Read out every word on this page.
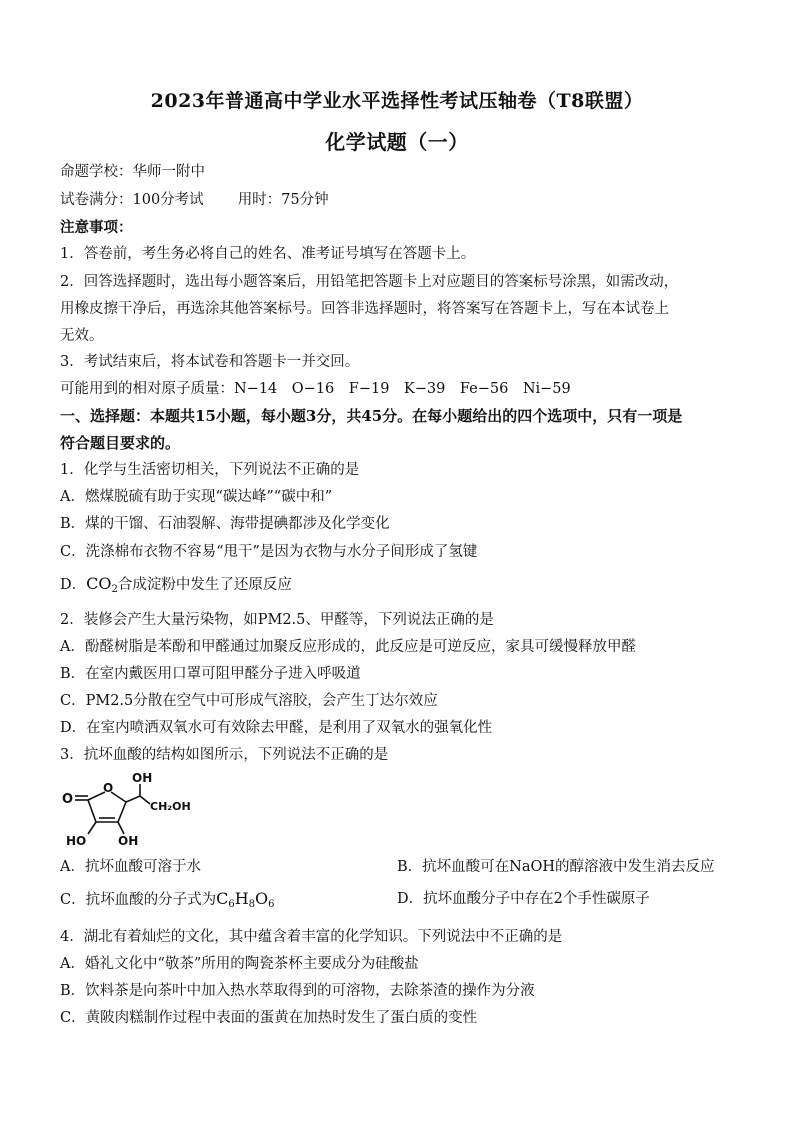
2023年普通高中学业水平选择性考试压轴卷（T8联盟）
化学试题（一）
命题学校：华师一附中
试卷满分：100分考试 用时：75分钟
注意事项：
1．答卷前，考生务必将自己的姓名、准考证号填写在答题卡上。
2．回答选择题时，选出每小题答案后，用铅笔把答题卡上对应题目的答案标号涂黑，如需改动，
用橡皮擦干净后，再选涂其他答案标号。回答非选择题时，将答案写在答题卡上，写在本试卷上
无效。
3．考试结束后，将本试卷和答题卡一并交回。
可能用到的相对原子质量：N−14　O−16　F−19　K−39　Fe−56　Ni−59
一、选择题：本题共15小题，每小题3分，共45分。在每小题给出的四个选项中，只有一项是
符合题目要求的。
1．化学与生活密切相关，下列说法不正确的是
A．燃煤脱硫有助于实现“碳达峰”“碳中和”
B．煤的干馏、石油裂解、海带提碘都涉及化学变化
C．洗涤棉布衣物不容易“甩干”是因为衣物与水分子间形成了氢键
D．$CO_2$合成淀粉中发生了还原反应
2．装修会产生大量污染物，如PM2.5、甲醛等，下列说法正确的是
A．酚醛树脂是苯酚和甲醛通过加聚反应形成的，此反应是可逆反应，家具可缓慢释放甲醛
B．在室内戴医用口罩可阻甲醛分子进入呼吸道
C．PM2.5分散在空气中可形成气溶胶，会产生丁达尔效应
D．在室内喷洒双氧水可有效除去甲醛，是利用了双氧水的强氧化性
3．抗坏血酸的结构如图所示，下列说法不正确的是
O
O
HO	OH
OH
CH₂OH
A．抗坏血酸可溶于水	B．抗坏血酸可在NaOH的醇溶液中发生消去反应
C．抗坏血酸的分子式为$C_6H_8O_6$	D．抗坏血酸分子中存在2个手性碳原子
4．湖北有着灿烂的文化，其中蕴含着丰富的化学知识。下列说法中不正确的是
A．婚礼文化中“敬茶”所用的陶瓷茶杯主要成分为硅酸盐
B．饮料茶是向茶叶中加入热水萃取得到的可溶物，去除茶渣的操作为分液
C．黄陂肉糕制作过程中表面的蛋黄在加热时发生了蛋白质的变性
